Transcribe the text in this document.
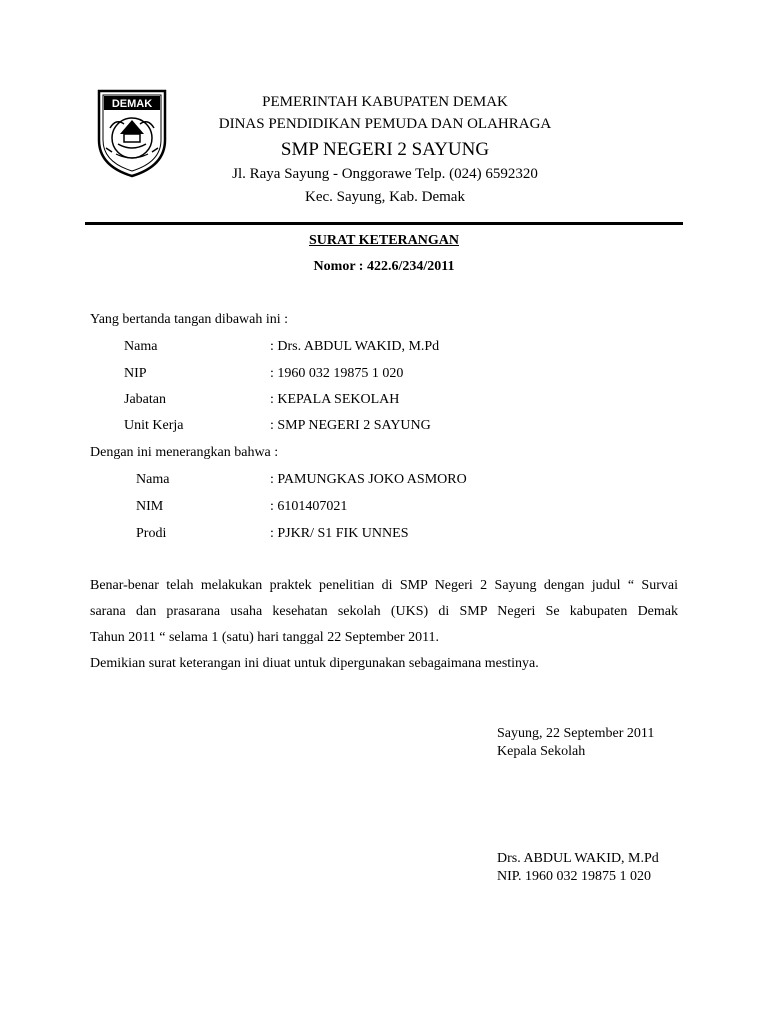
DEMAK	PEMERINTAH KABUPATEN DEMAK
DINAS PENDIDIKAN PEMUDA DAN OLAHRAGA
SMP NEGERI 2 SAYUNG
Jl. Raya Sayung - Onggorawe Telp. (024) 6592320
Kec. Sayung, Kab. Demak
SURAT KETERANGAN
Nomor : 422.6/234/2011
Yang bertanda tangan dibawah ini :
Nama	: Drs. ABDUL WAKID, M.Pd
NIP	: 1960 032 19875 1 020
Jabatan	: KEPALA SEKOLAH
Unit Kerja	: SMP NEGERI 2 SAYUNG
Dengan ini menerangkan bahwa :
Nama	: PAMUNGKAS JOKO ASMORO
NIM	: 6101407021
Prodi	: PJKR/ S1 FIK UNNES
Benar-benar telah melakukan praktek penelitian di SMP Negeri 2 Sayung dengan judul “ Survai
sarana dan prasarana usaha kesehatan sekolah (UKS) di SMP Negeri Se kabupaten Demak
Tahun 2011 “ selama 1 (satu) hari tanggal 22 September 2011.
Demikian surat keterangan ini diuat untuk dipergunakan sebagaimana mestinya.
Sayung, 22 September 2011
Kepala Sekolah
Drs. ABDUL WAKID, M.Pd
NIP. 1960 032 19875 1 020
